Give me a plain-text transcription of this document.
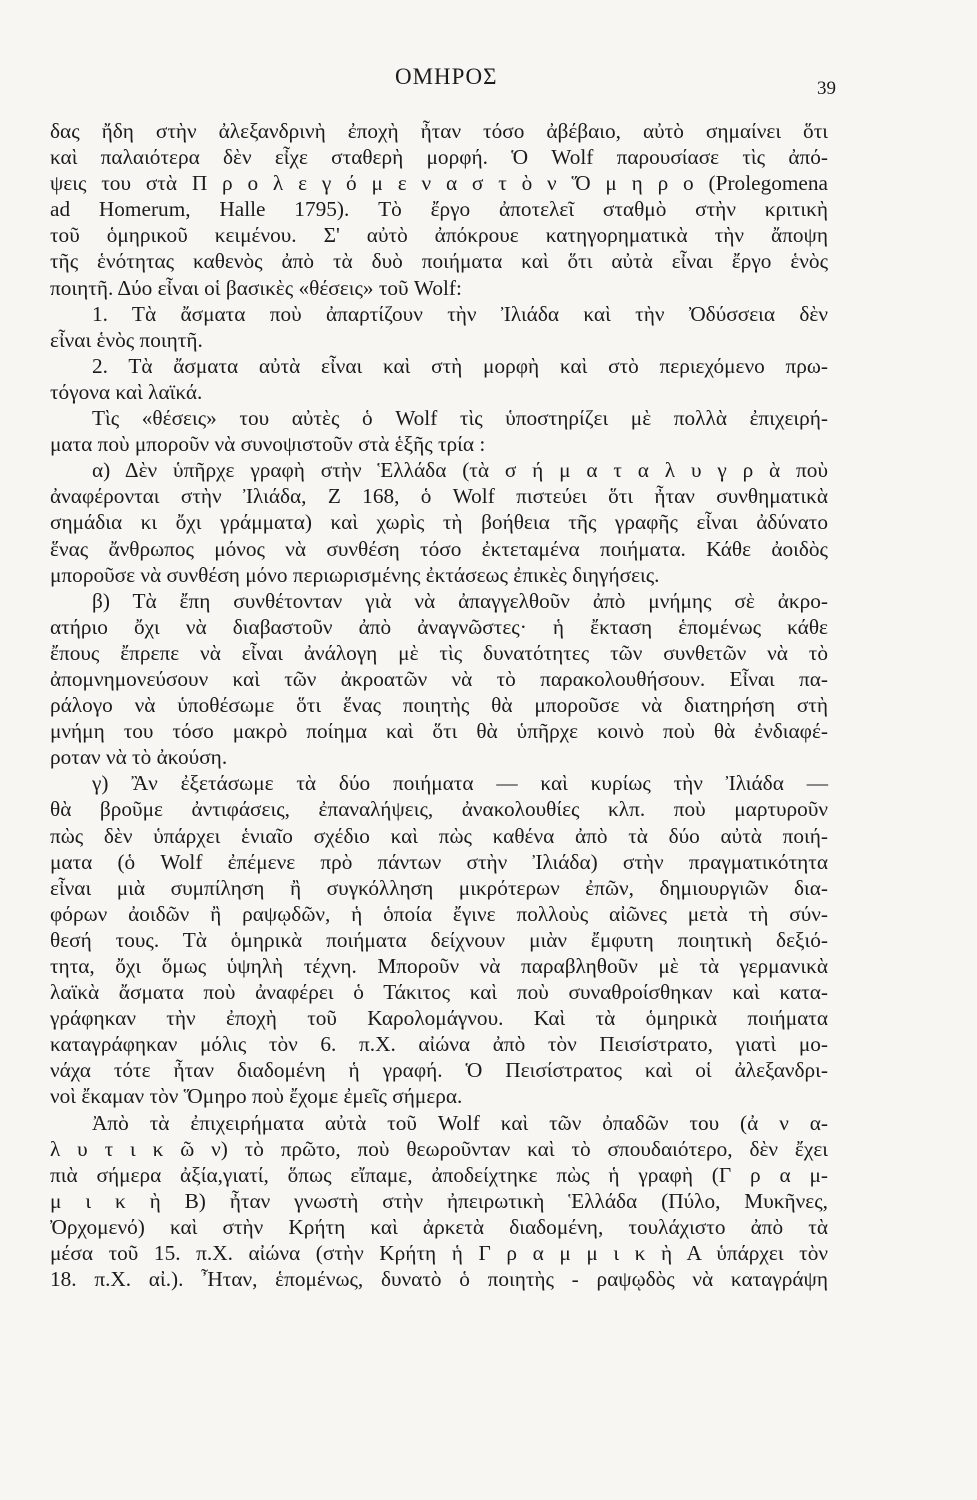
ΟΜΗΡΟΣ	39
δας ἤδη στὴν ἀλεξανδρινὴ ἐποχὴ ἦταν τόσο ἀβέβαιο, αὐτὸ σημαίνει ὅτι
καὶ παλαιότερα δὲν εἶχε σταθερὴ μορφή. Ὁ Wolf παρουσίασε τὶς ἀπό-
ψεις του στὰ Π ρ ο λ ε γ ό μ ε ν α σ τ ὸ ν Ὅ μ η ρ ο (Prolegomena
ad Homerum, Halle 1795). Τὸ ἔργο ἀποτελεῖ σταθμὸ στὴν κριτικὴ
τοῦ ὁμηρικοῦ κειμένου. Σ' αὐτὸ ἀπόκρουε κατηγορηματικὰ τὴν ἄποψη
τῆς ἑνότητας καθενὸς ἀπὸ τὰ δυὸ ποιήματα καὶ ὅτι αὐτὰ εἶναι ἔργο ἑνὸς
ποιητῆ. Δύο εἶναι οἱ βασικὲς «θέσεις» τοῦ Wolf:
1. Τὰ ἄσματα ποὺ ἀπαρτίζουν τὴν Ἰλιάδα καὶ τὴν Ὀδύσσεια δὲν
εἶναι ἑνὸς ποιητῆ.
2. Τὰ ἄσματα αὐτὰ εἶναι καὶ στὴ μορφὴ καὶ στὸ περιεχόμενο πρω-
τόγονα καὶ λαϊκά.
Τὶς «θέσεις» του αὐτὲς ὁ Wolf τὶς ὑποστηρίζει μὲ πολλὰ ἐπιχειρή-
ματα ποὺ μποροῦν νὰ συνοψιστοῦν στὰ ἑξῆς τρία :
α) Δὲν ὑπῆρχε γραφὴ στὴν Ἑλλάδα (τὰ σ ή μ α τ α λ υ γ ρ ὰ ποὺ
ἀναφέρονται στὴν Ἰλιάδα, Ζ 168, ὁ Wolf πιστεύει ὅτι ἦταν συνθηματικὰ
σημάδια κι ὄχι γράμματα) καὶ χωρὶς τὴ βοήθεια τῆς γραφῆς εἶναι ἀδύνατο
ἕνας ἄνθρωπος μόνος νὰ συνθέση τόσο ἐκτεταμένα ποιήματα. Κάθε ἀοιδὸς
μποροῦσε νὰ συνθέση μόνο περιωρισμένης ἐκτάσεως ἐπικὲς διηγήσεις.
β) Τὰ ἔπη συνθέτονταν γιὰ νὰ ἀπαγγελθοῦν ἀπὸ μνήμης σὲ ἀκρο-
ατήριο ὄχι νὰ διαβαστοῦν ἀπὸ ἀναγνῶστες· ἡ ἔκταση ἑπομένως κάθε
ἔπους ἔπρεπε νὰ εἶναι ἀνάλογη μὲ τὶς δυνατότητες τῶν συνθετῶν νὰ τὸ
ἀπομνημονεύσουν καὶ τῶν ἀκροατῶν νὰ τὸ παρακολουθήσουν. Εἶναι πα-
ράλογο νὰ ὑποθέσωμε ὅτι ἕνας ποιητὴς θὰ μποροῦσε νὰ διατηρήση στὴ
μνήμη του τόσο μακρὸ ποίημα καὶ ὅτι θὰ ὑπῆρχε κοινὸ ποὺ θὰ ἐνδιαφέ-
ροταν νὰ τὸ ἀκούση.
γ) Ἂν ἐξετάσωμε τὰ δύο ποιήματα — καὶ κυρίως τὴν Ἰλιάδα —
θὰ βροῦμε ἀντιφάσεις, ἐπαναλήψεις, ἀνακολουθίες κλπ. ποὺ μαρτυροῦν
πὼς δὲν ὑπάρχει ἑνιαῖο σχέδιο καὶ πὼς καθένα ἀπὸ τὰ δύο αὐτὰ ποιή-
ματα (ὁ Wolf ἐπέμενε πρὸ πάντων στὴν Ἰλιάδα) στὴν πραγματικότητα
εἶναι μιὰ συμπίληση ἢ συγκόλληση μικρότερων ἐπῶν, δημιουργιῶν δια-
φόρων ἀοιδῶν ἢ ραψῳδῶν, ἡ ὁποία ἔγινε πολλοὺς αἰῶνες μετὰ τὴ σύν-
θεσή τους. Τὰ ὁμηρικὰ ποιήματα δείχνουν μιὰν ἔμφυτη ποιητικὴ δεξιό-
τητα, ὄχι ὅμως ὑψηλὴ τέχνη. Μποροῦν νὰ παραβληθοῦν μὲ τὰ γερμανικὰ
λαϊκὰ ἄσματα ποὺ ἀναφέρει ὁ Τάκιτος καὶ ποὺ συναθροίσθηκαν καὶ κατα-
γράφηκαν τὴν ἐποχὴ τοῦ Καρολομάγνου. Καὶ τὰ ὁμηρικὰ ποιήματα
καταγράφηκαν μόλις τὸν 6. π.Χ. αἰώνα ἀπὸ τὸν Πεισίστρατο, γιατὶ μο-
νάχα τότε ἦταν διαδομένη ἡ γραφή. Ὁ Πεισίστρατος καὶ οἱ ἀλεξανδρι-
νοὶ ἔκαμαν τὸν Ὅμηρο ποὺ ἔχομε ἐμεῖς σήμερα.
Ἀπὸ τὰ ἐπιχειρήματα αὐτὰ τοῦ Wolf καὶ τῶν ὀπαδῶν του (ἀ ν α-
λ υ τ ι κ ῶ ν) τὸ πρῶτο, ποὺ θεωροῦνταν καὶ τὸ σπουδαιότερο, δὲν ἔχει
πιὰ σήμερα ἀξία,γιατί, ὅπως εἴπαμε, ἀποδείχτηκε πὼς ἡ γραφὴ (Γ ρ α μ-
μ ι κ ὴ Β) ἦταν γνωστὴ στὴν ἠπειρωτικὴ Ἑλλάδα (Πύλο, Μυκῆνες,
Ὀρχομενό) καὶ στὴν Κρήτη καὶ ἀρκετὰ διαδομένη, τουλάχιστο ἀπὸ τὰ
μέσα τοῦ 15. π.Χ. αἰώνα (στὴν Κρήτη ἡ Γ ρ α μ μ ι κ ὴ Α ὑπάρχει τὸν
18. π.Χ. αἰ.). Ἦταν, ἑπομένως, δυνατὸ ὁ ποιητὴς - ραψῳδὸς νὰ καταγράψη
